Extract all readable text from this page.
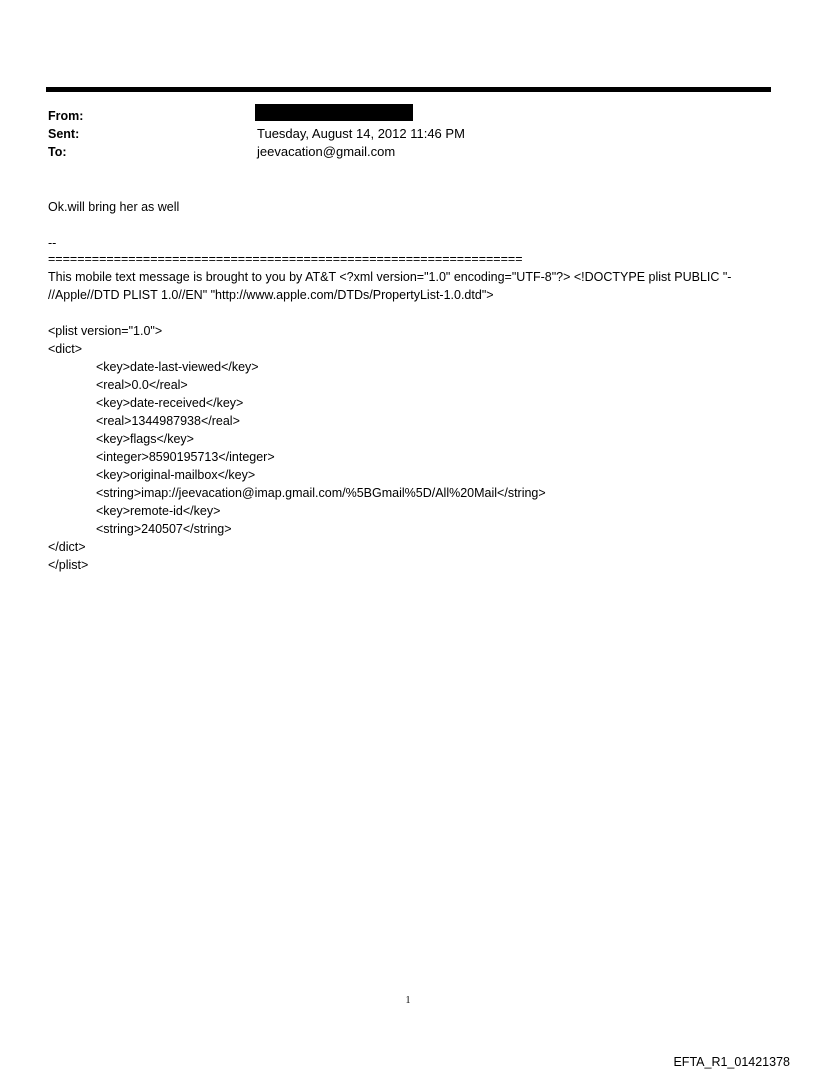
From:
Sent:	Tuesday, August 14, 2012 11:46 PM
To:	jeevacation@gmail.com
Ok.will bring her as well
--
=================================================================
This mobile text message is brought to you by AT&T <?xml version="1.0" encoding="UTF-8"?> <!DOCTYPE plist PUBLIC "-
//Apple//DTD PLIST 1.0//EN" "http://www.apple.com/DTDs/PropertyList-1.0.dtd">
<plist version="1.0">
<dict>
<key>date-last-viewed</key>
<real>0.0</real>
<key>date-received</key>
<real>1344987938</real>
<key>flags</key>
<integer>8590195713</integer>
<key>original-mailbox</key>
<string>imap://jeevacation@imap.gmail.com/%5BGmail%5D/All%20Mail</string>
<key>remote-id</key>
<string>240507</string>
</dict>
</plist>
1
EFTA_R1_01421378
